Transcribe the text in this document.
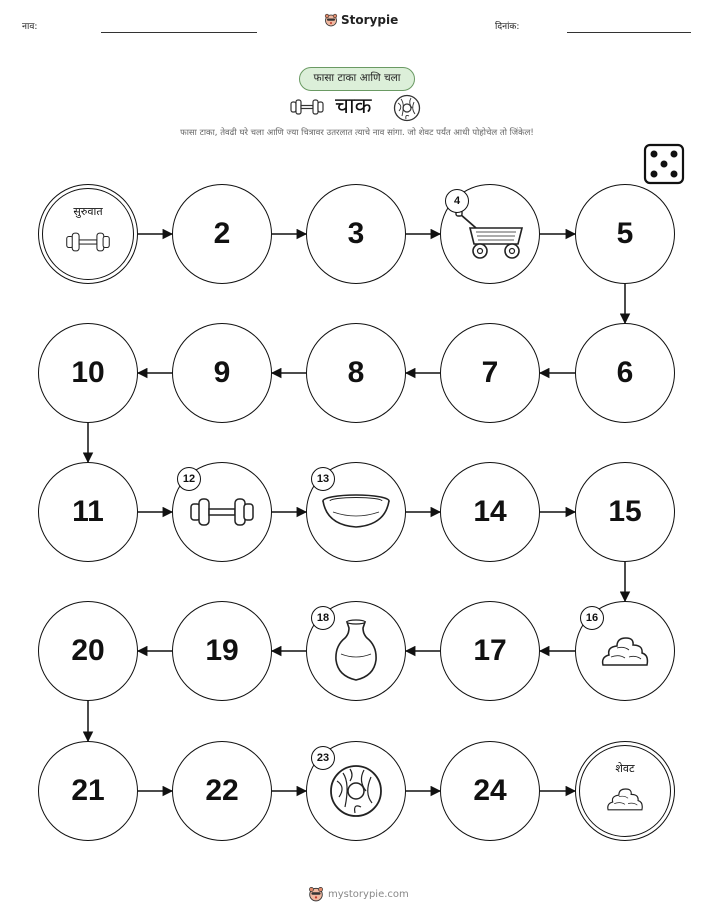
नाव:	Storypie	दिनांक:
फासा टाका आणि चला
चाक
फासा टाका, तेवढी घरे चला आणि ज्या चित्रावर उतरलात त्याचे नाव सांगा. जो शेवट पर्यंत आधी पोहोचेल तो जिंकेल!
सुरुवात
2	3
4
5
6
7
8
9
10
11
12	13
14	15
16
17
18
19
20
21	22
23
24
शेवट
mystorypie.com
